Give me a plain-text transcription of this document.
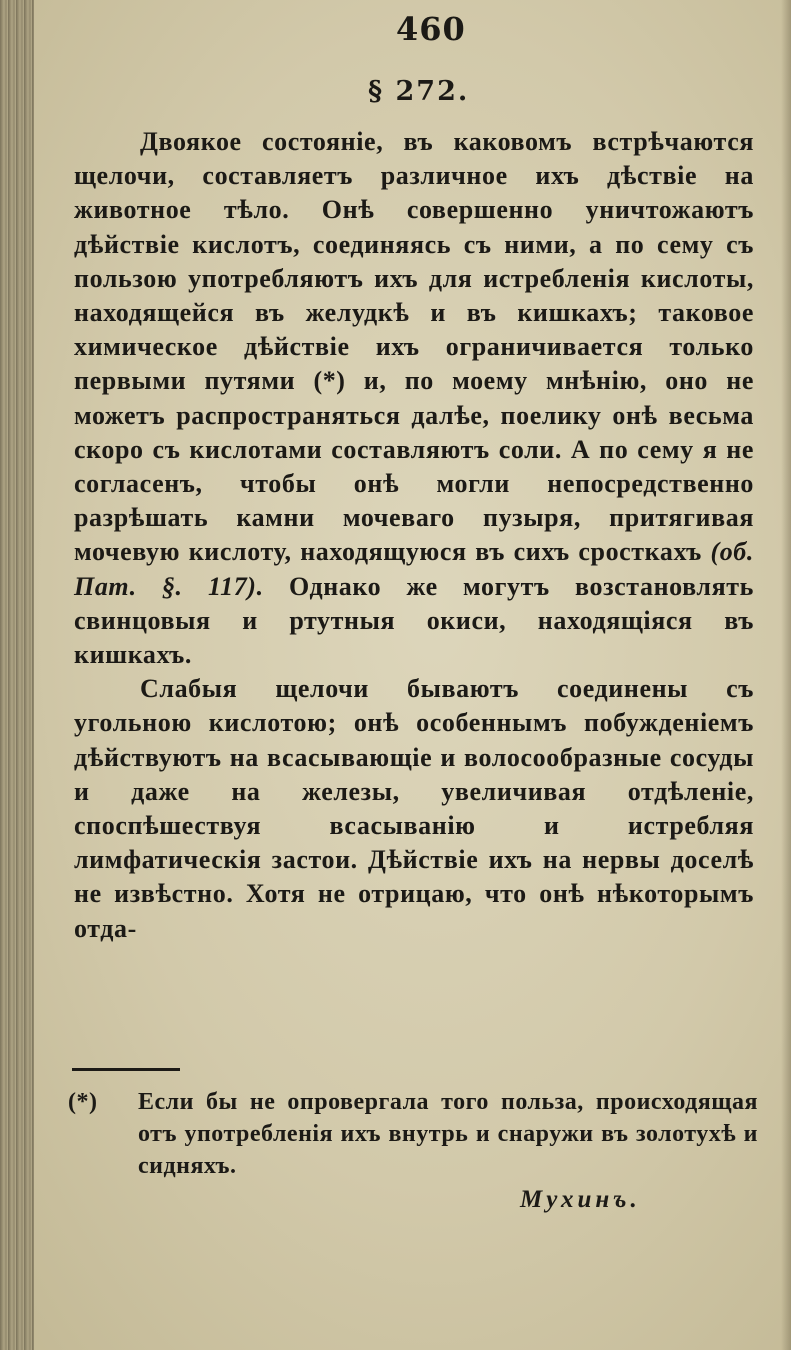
460
§ 272.

Двоякое состояніе, въ каковомъ встрѣчаются щелочи, составляетъ различное ихъ дѣствіе на животное тѣло. Онѣ совершенно уничтожаютъ дѣйствіе кислотъ, соединяясь съ ними, а по сему съ пользою употребляютъ ихъ для истребленія кислоты, находящейся въ желудкѣ и въ кишкахъ; таковое химическое дѣйствіе ихъ ограничивается только первыми путями (*) и, по моему мнѣнію, оно не можетъ распространяться далѣе, поелику онѣ весьма скоро съ кислотами составляютъ соли. А по сему я не согласенъ, чтобы онѣ могли непосредственно разрѣшать камни мочеваго пузыря, притягивая мочевую кислоту, находящуюся въ сихъ сросткахъ (об. Пат. §. 117). Однако же могутъ возстановлять свинцовыя и ртутныя окиси, находящіяся въ кишкахъ.

Слабыя щелочи бываютъ соединены съ угольною кислотою; онѣ особеннымъ побужденіемъ дѣйствуютъ на всасывающіе и волосообразные сосуды и даже на железы, увеличивая отдѣленіе, споспѣшествуя всасыванію и истребляя лимфатическія застои. Дѣйствіе ихъ на нервы доселѣ не извѣстно. Хотя не отрицаю, что онѣ нѣкоторымъ отда-

(*) Если бы не опровергала того польза, происходящая отъ употребленія ихъ внутрь и снаружи въ золотухѣ и сидняхъ.

Мухинъ.
